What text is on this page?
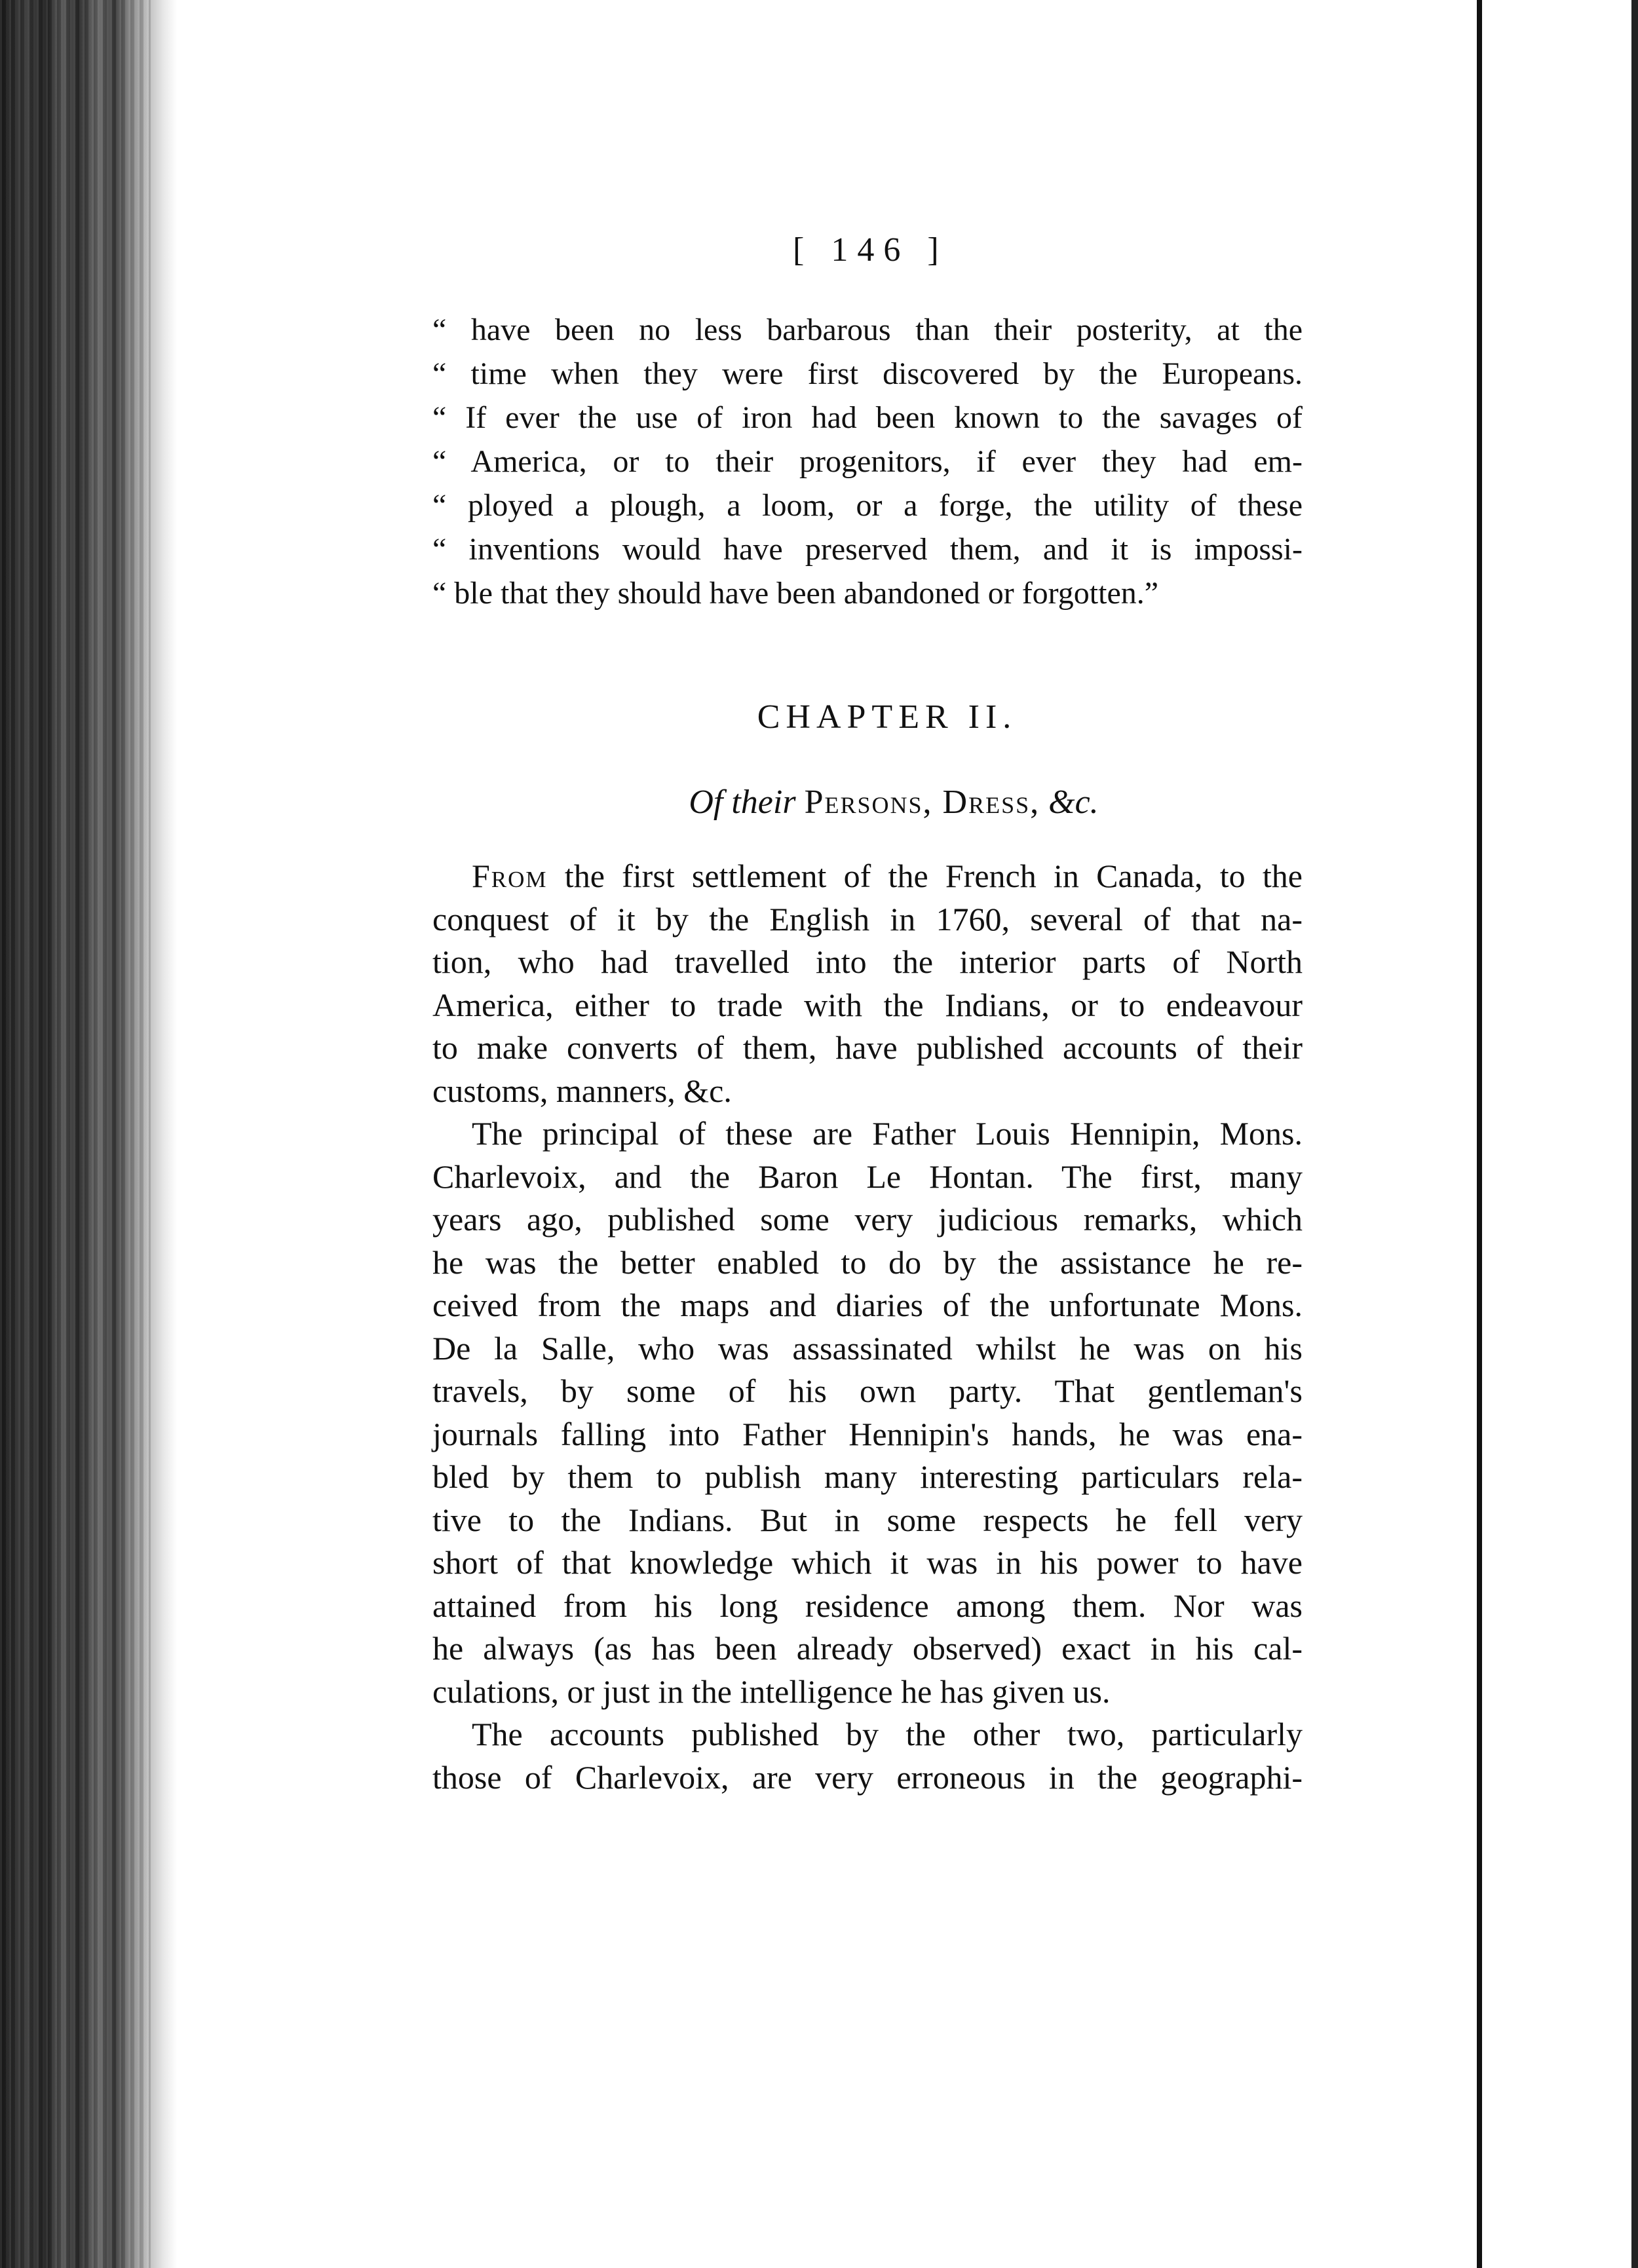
[ 146 ]
“ have been no less barbarous than their posterity, at the
“ time when they were first discovered by the Europeans.
“ If ever the use of iron had been known to the savages of
“ America, or to their progenitors, if ever they had em-
“ ployed a plough, a loom, or a forge, the utility of these
“ inventions would have preserved them, and it is impossi-
“ ble that they should have been abandoned or forgotten.”
CHAPTER II.
Of their Persons, Dress, &c.
From the first settlement of the French in Canada, to the
conquest of it by the English in 1760, several of that na-
tion, who had travelled into the interior parts of North
America, either to trade with the Indians, or to endeavour
to make converts of them, have published accounts of their
customs, manners, &c.
The principal of these are Father Louis Hennipin, Mons.
Charlevoix, and the Baron Le Hontan. The first, many
years ago, published some very judicious remarks, which
he was the better enabled to do by the assistance he re-
ceived from the maps and diaries of the unfortunate Mons.
De la Salle, who was assassinated whilst he was on his
travels, by some of his own party. That gentleman's
journals falling into Father Hennipin's hands, he was ena-
bled by them to publish many interesting particulars rela-
tive to the Indians. But in some respects he fell very
short of that knowledge which it was in his power to have
attained from his long residence among them. Nor was
he always (as has been already observed) exact in his cal-
culations, or just in the intelligence he has given us.
The accounts published by the other two, particularly
those of Charlevoix, are very erroneous in the geographi-
